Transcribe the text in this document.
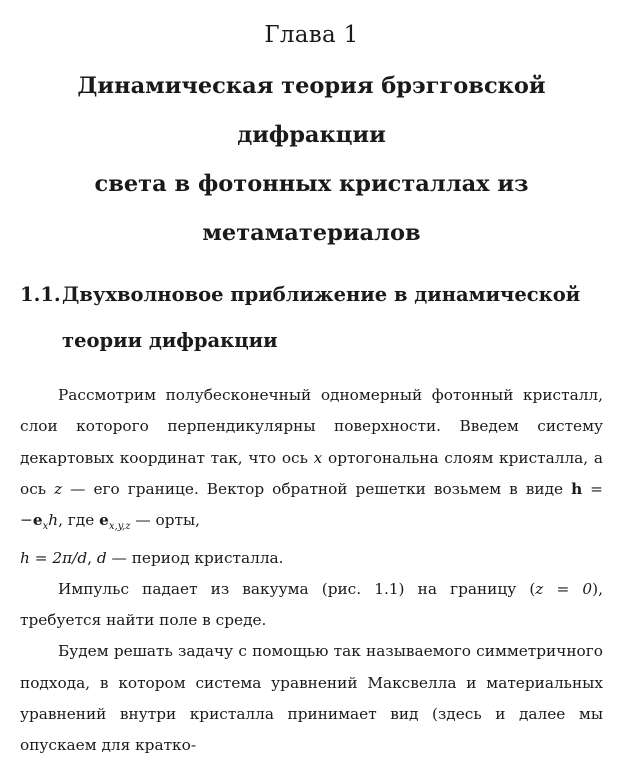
Глава 1
Динамическая теория брэгговской дифракции
света в фотонных кристаллах из
метаматериалов
1.1. Двухволновое приближение в динамической
теории дифракции

Рассмотрим полубесконечный одномерный фотонный кристалл, слои которого перпендикулярны поверхности. Введем систему декартовых координат так, что ось x ортогональна слоям кристалла, а ось z — его границе. Вектор обратной решетки возьмем в виде $h = -e_xh$, где $e_{x,y,z}$ — орты,
h = 2π/d, d — период кристалла.

Импульс падает из вакуума (рис. 1.1) на границу (z = 0), требуется найти поле в среде.

Будем решать задачу с помощью так называемого симметричного подхода, в котором система уравнений Максвелла и материальных уравнений внутри кристалла принимает вид (здесь и далее мы опускаем для кратко-
